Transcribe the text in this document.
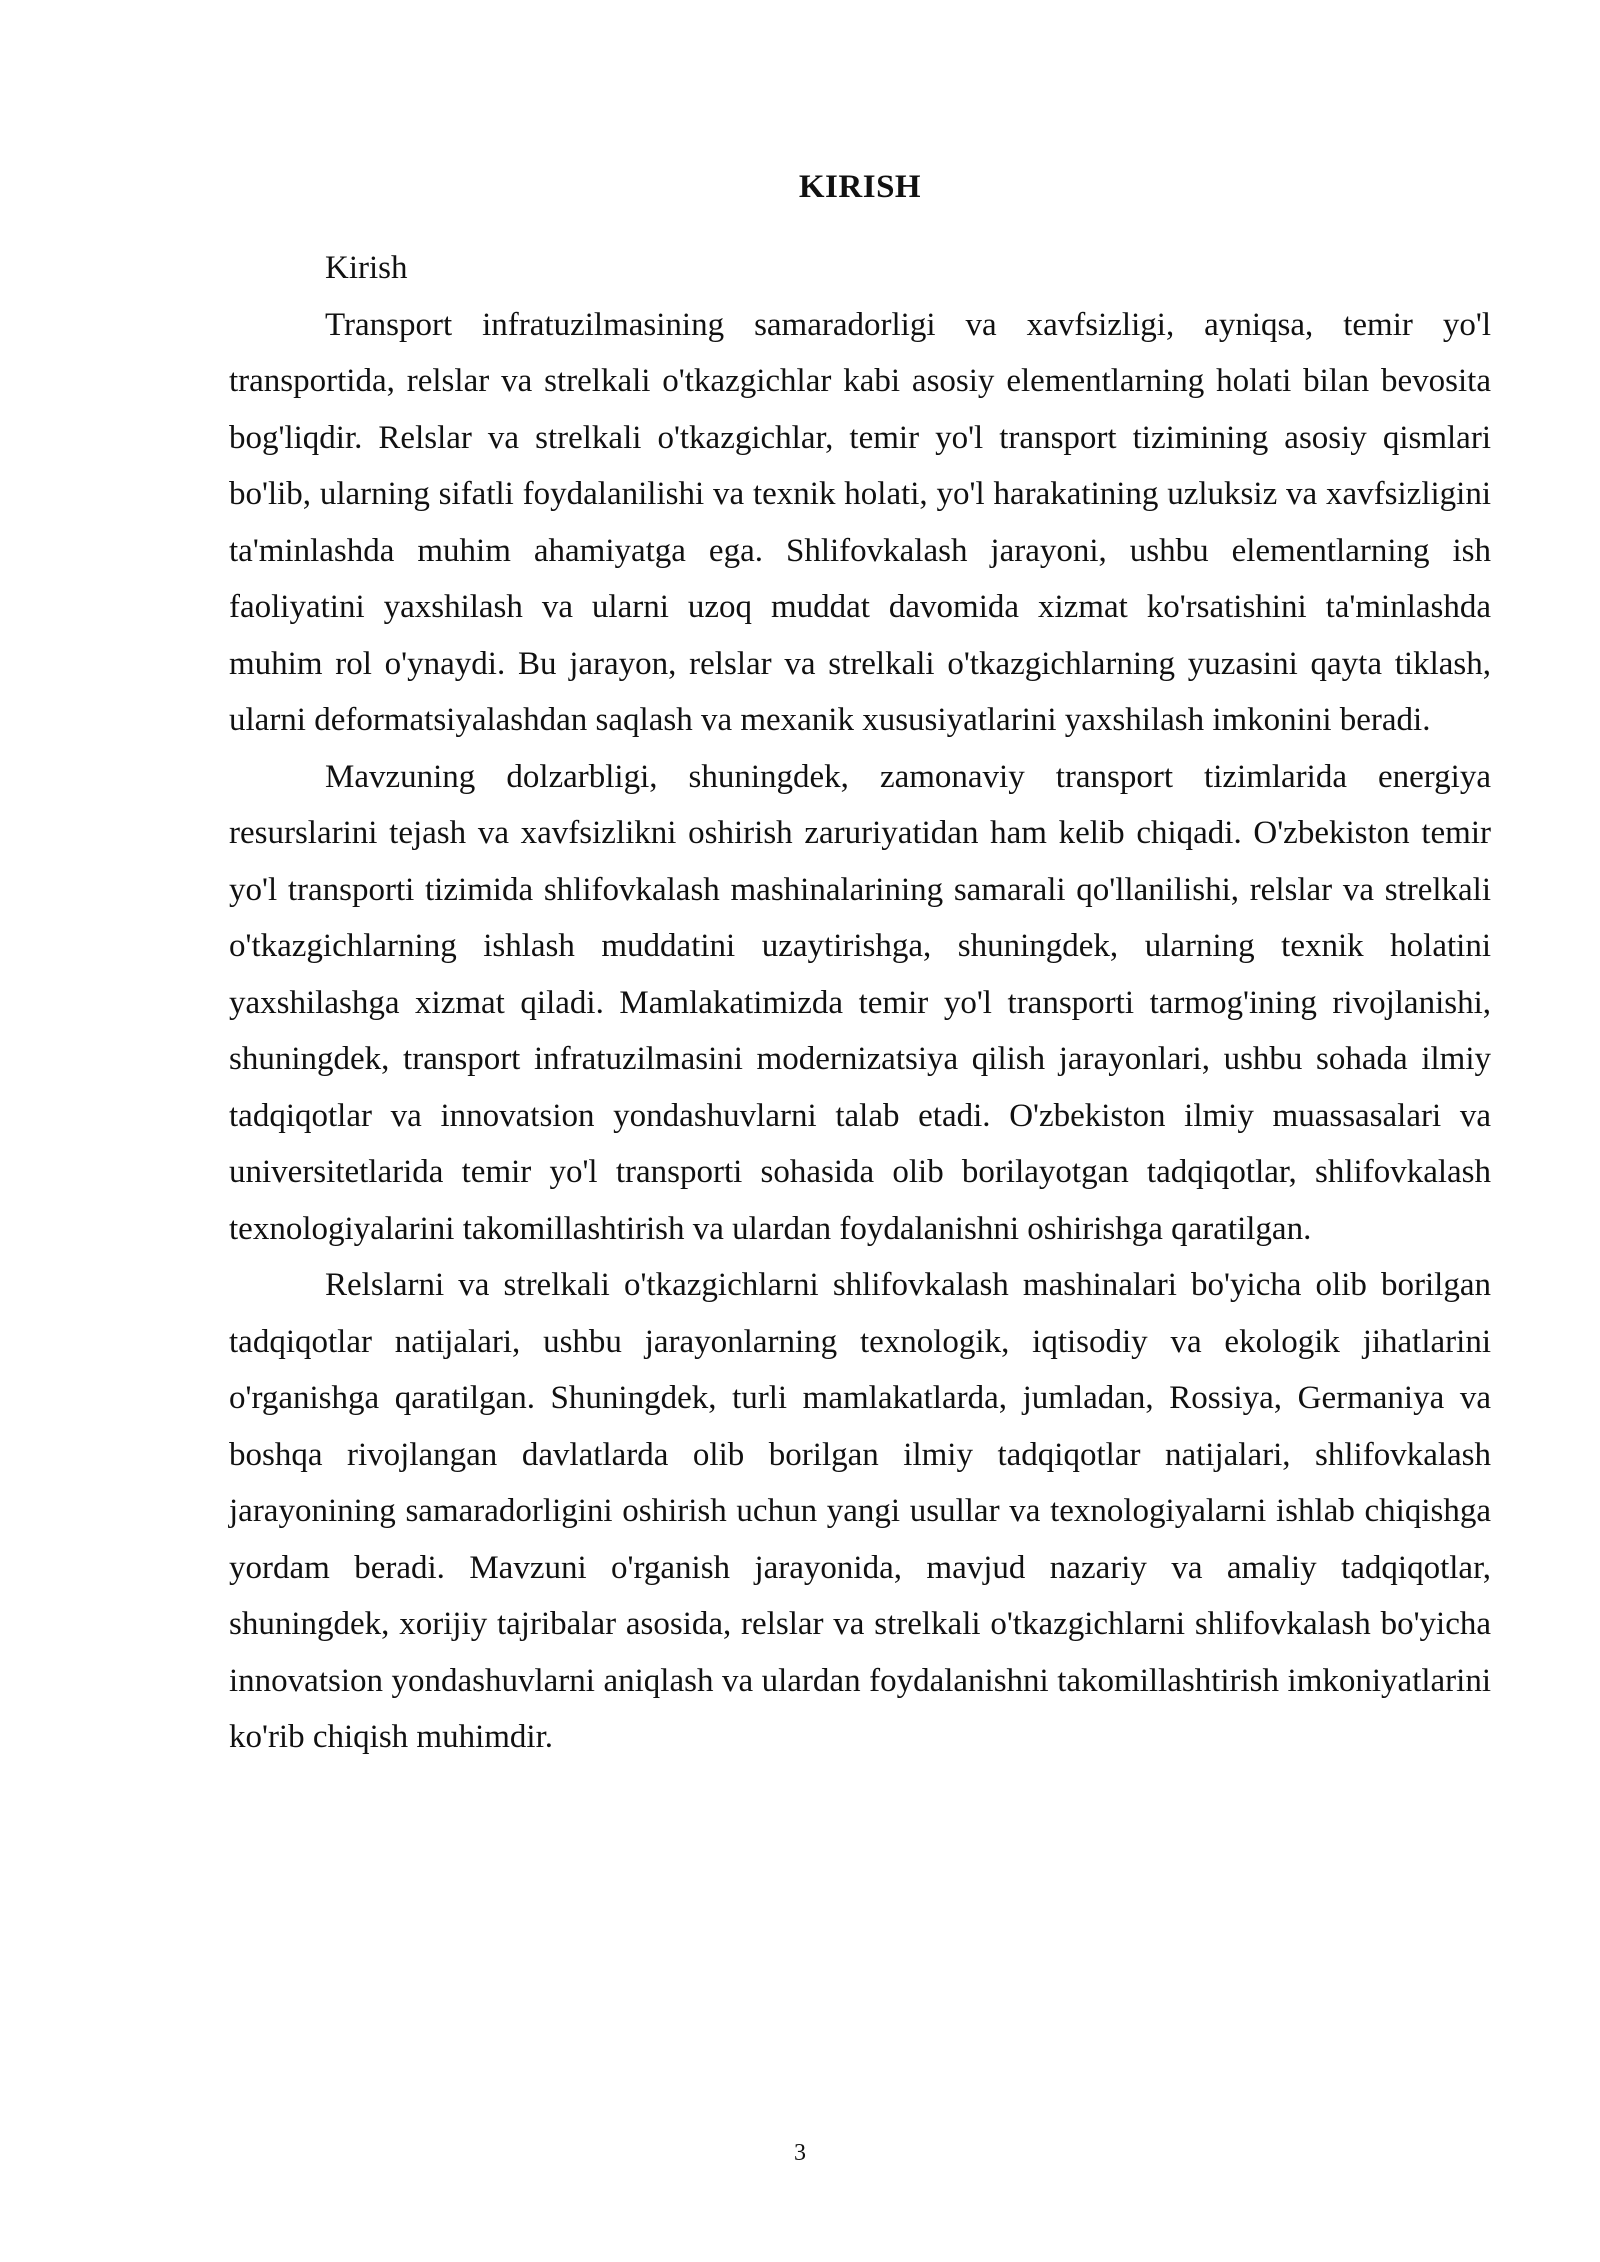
KIRISH

Kirish

Transport infratuzilmasining samaradorligi va xavfsizligi, ayniqsa, temir yo'l transportida, relslar va strelkali o'tkazgichlar kabi asosiy elementlarning holati bilan bevosita bog'liqdir. Relslar va strelkali o'tkazgichlar, temir yo'l transport tizimining asosiy qismlari bo'lib, ularning sifatli foydalanilishi va texnik holati, yo'l harakatining uzluksiz va xavfsizligini ta'minlashda muhim ahamiyatga ega. Shlifovkalash jarayoni, ushbu elementlarning ish faoliyatini yaxshilash va ularni uzoq muddat davomida xizmat ko'rsatishini ta'minlashda muhim rol o'ynaydi. Bu jarayon, relslar va strelkali o'tkazgichlarning yuzasini qayta tiklash, ularni deformatsiyalashdan saqlash va mexanik xususiyatlarini yaxshilash imkonini beradi.

Mavzuning dolzarbligi, shuningdek, zamonaviy transport tizimlarida energiya resurslarini tejash va xavfsizlikni oshirish zaruriyatidan ham kelib chiqadi. O'zbekiston temir yo'l transporti tizimida shlifovkalash mashinalarining samarali qo'llanilishi, relslar va strelkali o'tkazgichlarning ishlash muddatini uzaytirishga, shuningdek, ularning texnik holatini yaxshilashga xizmat qiladi. Mamlakatimizda temir yo'l transporti tarmog'ining rivojlanishi, shuningdek, transport infratuzilmasini modernizatsiya qilish jarayonlari, ushbu sohada ilmiy tadqiqotlar va innovatsion yondashuvlarni talab etadi. O'zbekiston ilmiy muassasalari va universitetlarida temir yo'l transporti sohasida olib borilayotgan tadqiqotlar, shlifovkalash texnologiyalarini takomillashtirish va ulardan foydalanishni oshirishga qaratilgan.

Relslarni va strelkali o'tkazgichlarni shlifovkalash mashinalari bo'yicha olib borilgan tadqiqotlar natijalari, ushbu jarayonlarning texnologik, iqtisodiy va ekologik jihatlarini o'rganishga qaratilgan. Shuningdek, turli mamlakatlarda, jumladan, Rossiya, Germaniya va boshqa rivojlangan davlatlarda olib borilgan ilmiy tadqiqotlar natijalari, shlifovkalash jarayonining samaradorligini oshirish uchun yangi usullar va texnologiyalarni ishlab chiqishga yordam beradi. Mavzuni o'rganish jarayonida, mavjud nazariy va amaliy tadqiqotlar, shuningdek, xorijiy tajribalar asosida, relslar va strelkali o'tkazgichlarni shlifovkalash bo'yicha innovatsion yondashuvlarni aniqlash va ulardan foydalanishni takomillashtirish imkoniyatlarini ko'rib chiqish muhimdir.

3
